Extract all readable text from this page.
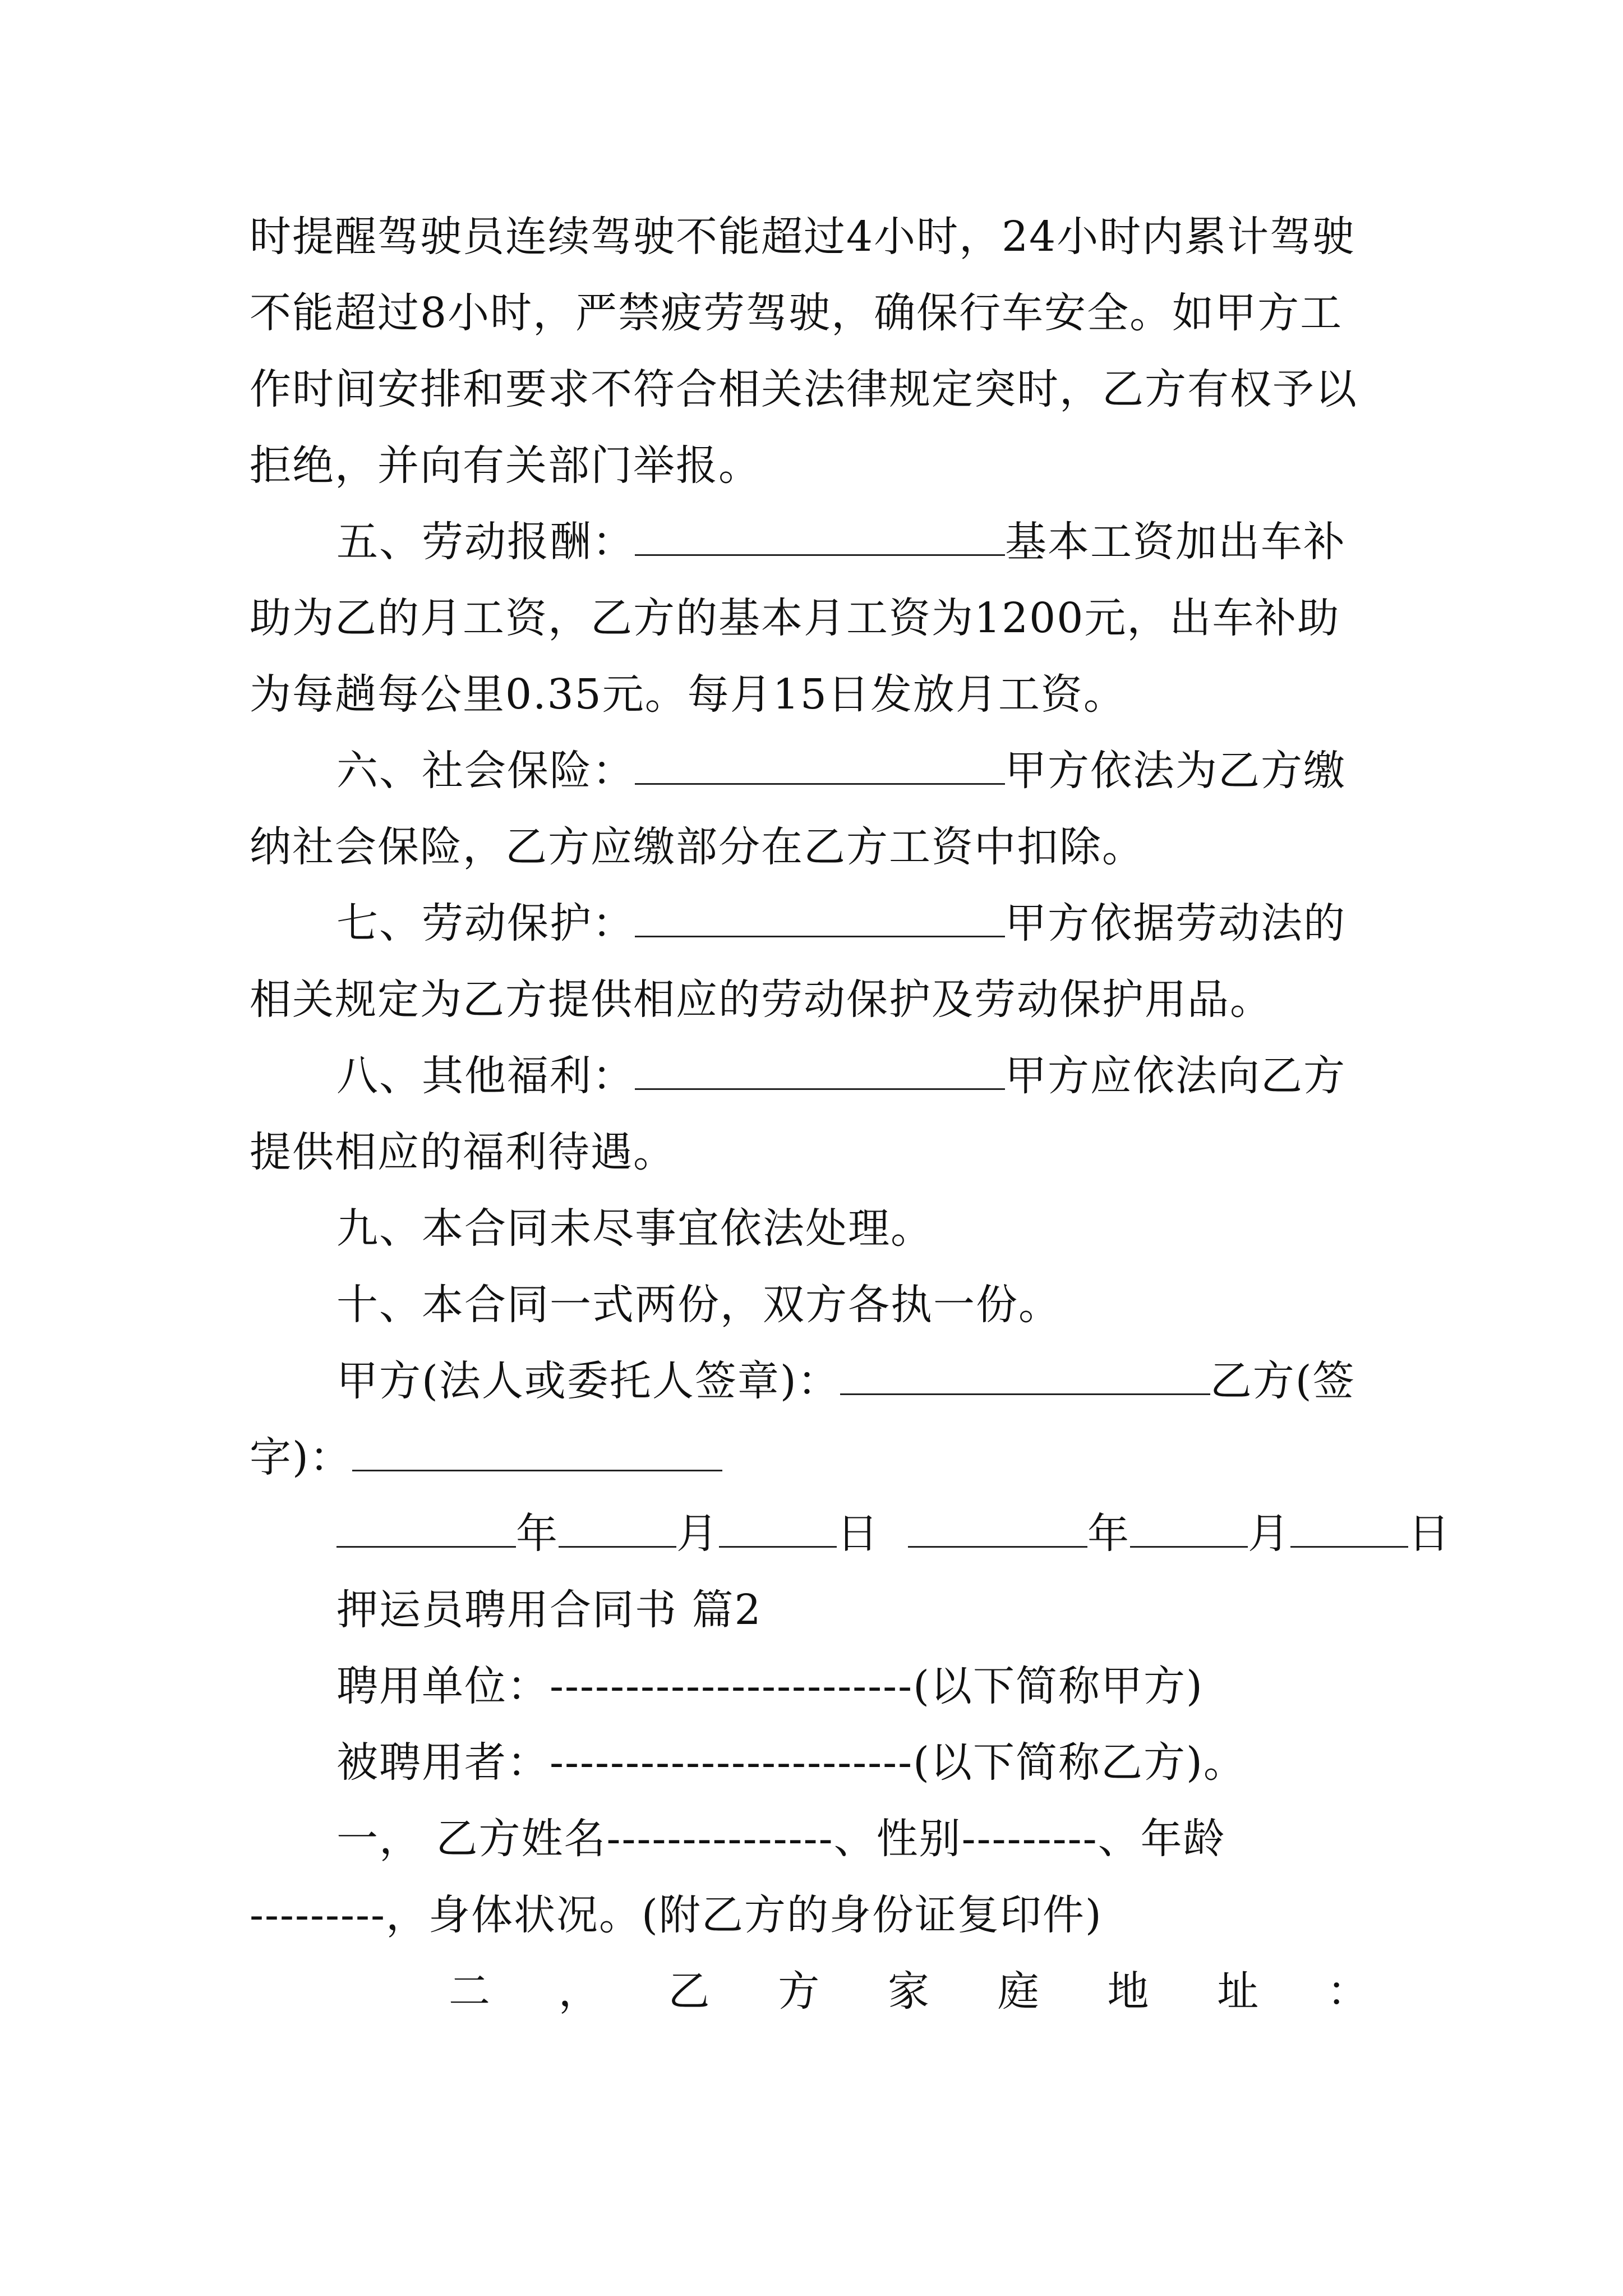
时提醒驾驶员连续驾驶不能超过4小时，24小时内累计驾驶
不能超过8小时，严禁疲劳驾驶，确保行车安全。如甲方工
作时间安排和要求不符合相关法律规定突时，乙方有权予以
拒绝，并向有关部门举报。
五、劳动报酬：	基本工资加出车补
助为乙的月工资，乙方的基本月工资为1200元，出车补助
为每趟每公里0.35元。每月15日发放月工资。
六、社会保险：	甲方依法为乙方缴
纳社会保险，乙方应缴部分在乙方工资中扣除。
七、劳动保护：	甲方依据劳动法的
相关规定为乙方提供相应的劳动保护及劳动保护用品。
八、其他福利：	甲方应依法向乙方
提供相应的福利待遇。
九、本合同未尽事宜依法处理。
十、本合同一式两份，双方各执一份。
甲方(法人或委托人签章)：	乙方(签
字)：
年	月	日	年	月	日
押运员聘用合同书 篇2
聘用单位：------------------------(以下简称甲方)
被聘用者：------------------------(以下简称乙方)。
一， 乙方姓名---------------、性别---------、年龄
---------，身体状况。(附乙方的身份证复印件)
二 ， 乙 方 家 庭 地 址 ：
